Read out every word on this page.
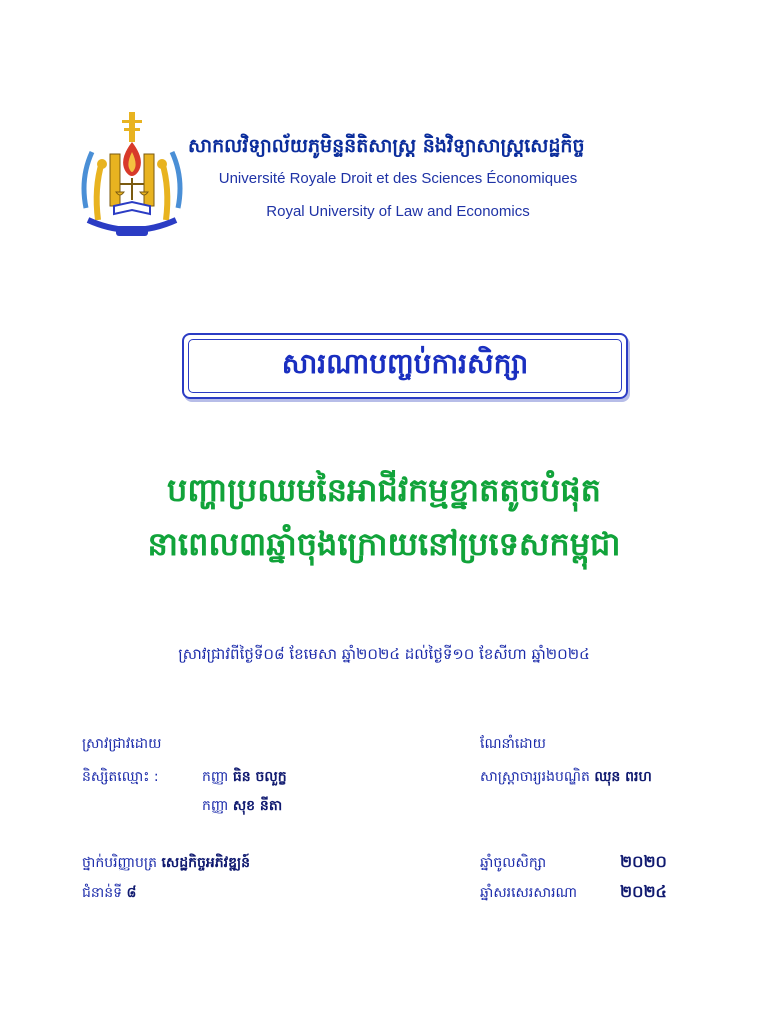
សាកលវិទ្យាល័យភូមិន្ទនីតិសាស្ត្រ និងវិទ្យាសាស្ត្រសេដ្ឋកិច្ច
Université Royale Droit et des Sciences Économiques
Royal University of Law and Economics
សារណាបញ្ចប់ការសិក្សា
បញ្ហាប្រឈមនៃអាជីវកម្មខ្នាតតូចបំផុត
នាពេល៣ឆ្នាំចុងក្រោយនៅប្រទេសកម្ពុជា
ស្រាវជ្រាវពីថ្ងៃទី០៨ ខែមេសា ឆ្នាំ២០២៤ ដល់ថ្ងៃទី១០ ខែសីហា ឆ្នាំ២០២៤
ស្រាវជ្រាវដោយ
និស្សិតឈ្មោះ :	កញ្ញា ធិន ចលួក្ខ
កញ្ញា សុខ នីតា
ណែនាំដោយ
សាស្ត្រាចារ្យរងបណ្ឌិត ឈុន ពរហ
ថ្នាក់បរិញ្ញាបត្រ សេដ្ឋកិច្ចអភិវឌ្ឍន៍
ជំនាន់ទី ៨
ឆ្នាំចូលសិក្សា	២០២០
ឆ្នាំសរសេរសារណា	២០២៤
